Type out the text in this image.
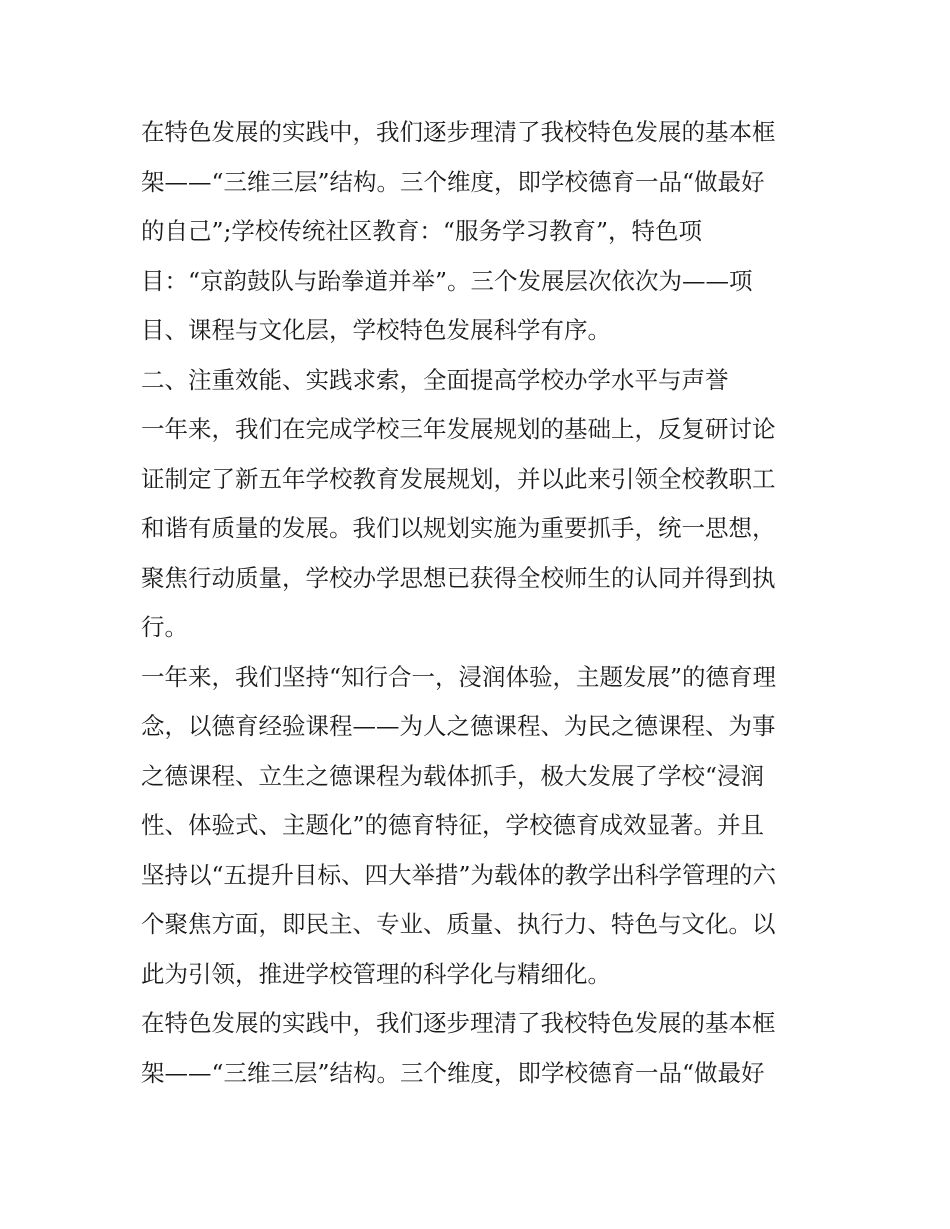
在特色发展的实践中，我们逐步理清了我校特色发展的基本框
架——“三维三层”结构。三个维度，即学校德育一品“做最好
的自己”;学校传统社区教育：“服务学习教育”，特色项
目：“京韵鼓队与跆拳道并举”。三个发展层次依次为——项
目、课程与文化层，学校特色发展科学有序。
二、注重效能、实践求索，全面提高学校办学水平与声誉
一年来，我们在完成学校三年发展规划的基础上，反复研讨论
证制定了新五年学校教育发展规划，并以此来引领全校教职工
和谐有质量的发展。我们以规划实施为重要抓手，统一思想，
聚焦行动质量，学校办学思想已获得全校师生的认同并得到执
行。
一年来，我们坚持“知行合一，浸润体验，主题发展”的德育理
念，以德育经验课程——为人之德课程、为民之德课程、为事
之德课程、立生之德课程为载体抓手，极大发展了学校“浸润
性、体验式、主题化”的德育特征，学校德育成效显著。并且
坚持以“五提升目标、四大举措”为载体的教学出科学管理的六
个聚焦方面，即民主、专业、质量、执行力、特色与文化。以
此为引领，推进学校管理的科学化与精细化。
在特色发展的实践中，我们逐步理清了我校特色发展的基本框
架——“三维三层”结构。三个维度，即学校德育一品“做最好
